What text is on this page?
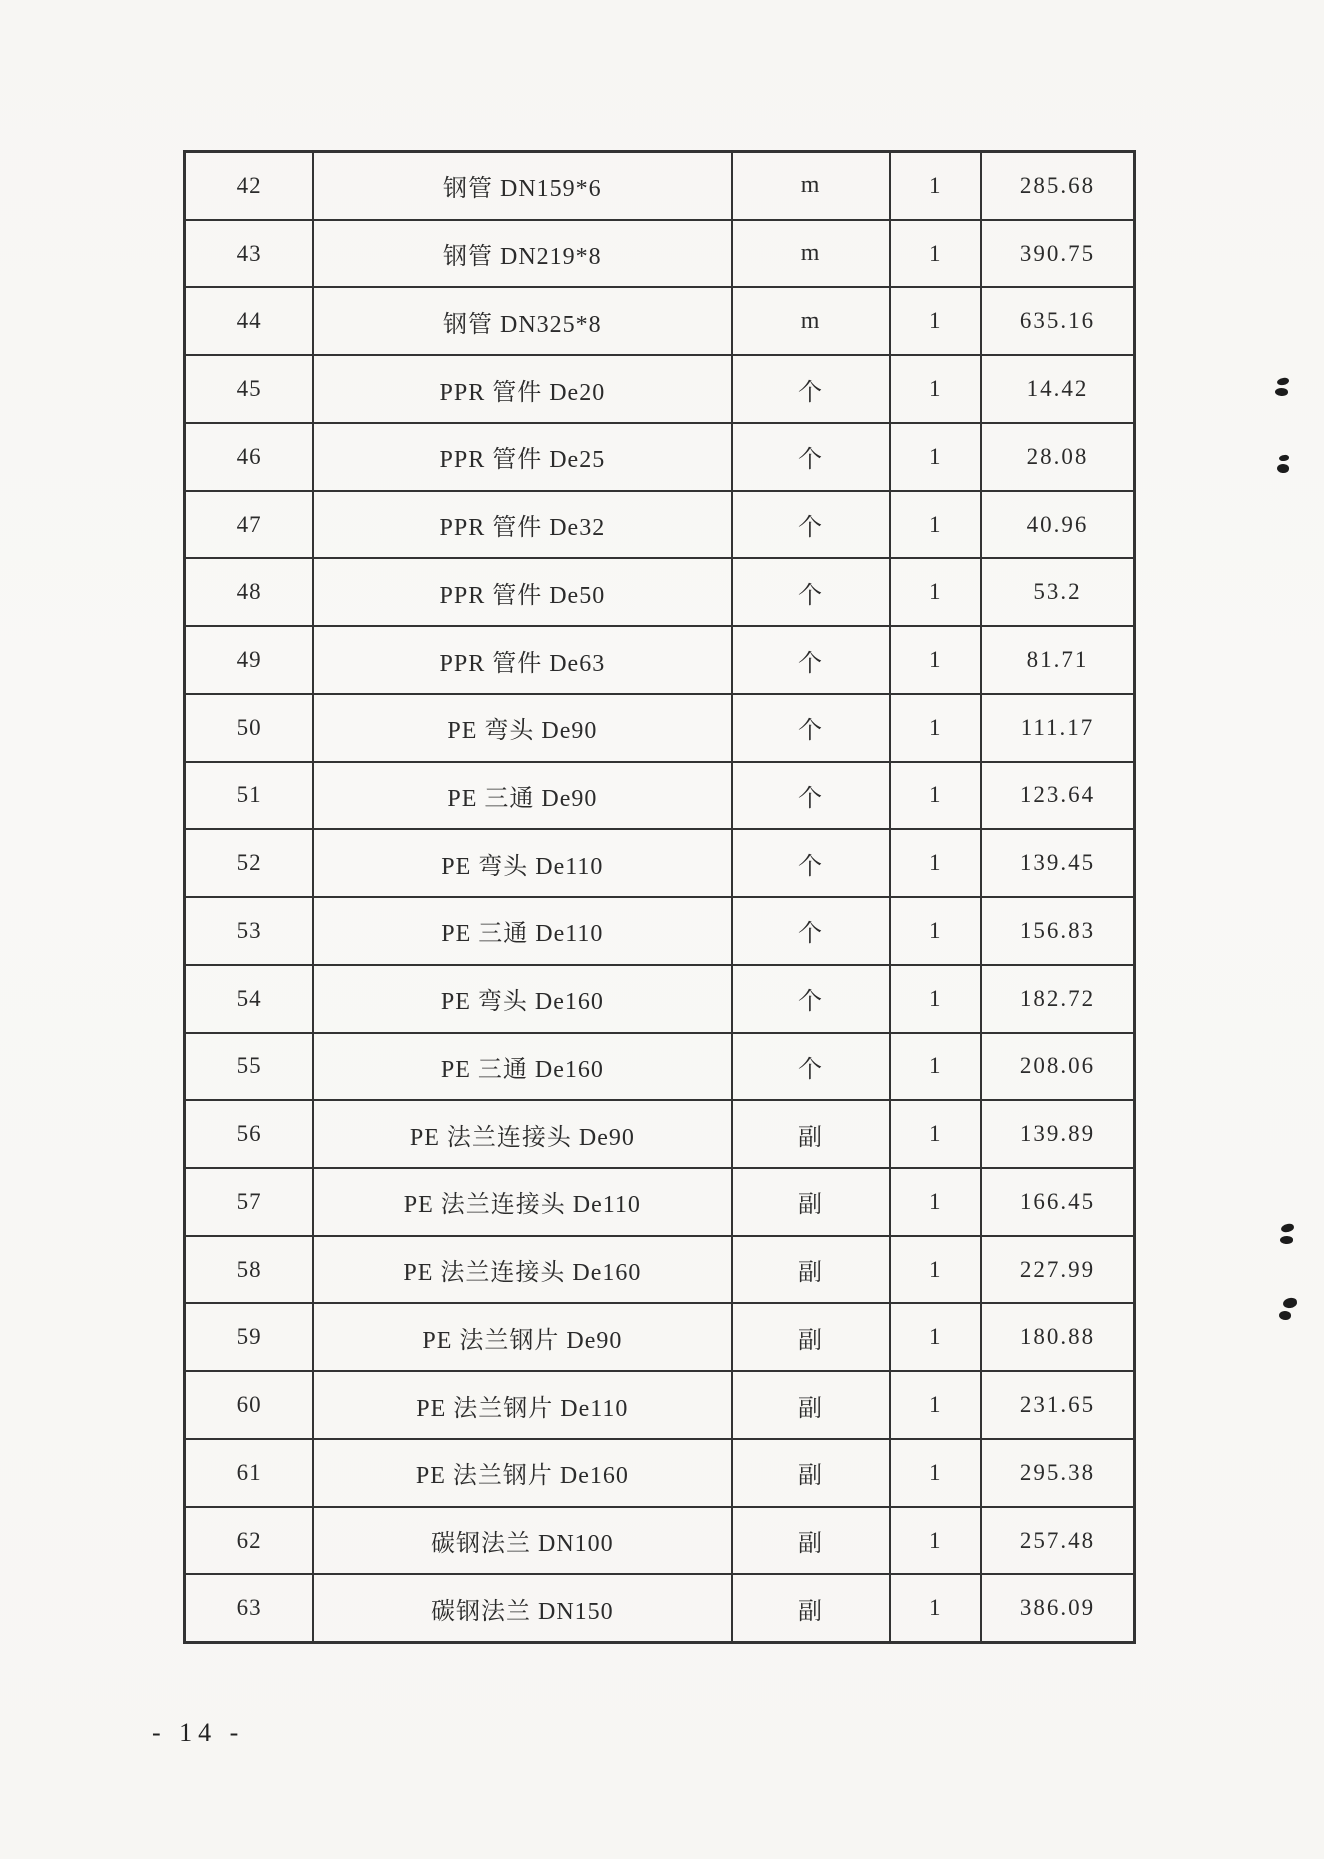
42	钢管 DN159*6	m	1	285.68
43	钢管 DN219*8	m	1	390.75
44	钢管 DN325*8	m	1	635.16
45	PPR 管件 De20	个	1	14.42
46	PPR 管件 De25	个	1	28.08
47	PPR 管件 De32	个	1	40.96
48	PPR 管件 De50	个	1	53.2
49	PPR 管件 De63	个	1	81.71
50	PE 弯头 De90	个	1	111.17
51	PE 三通 De90	个	1	123.64
52	PE 弯头 De110	个	1	139.45
53	PE 三通 De110	个	1	156.83
54	PE 弯头 De160	个	1	182.72
55	PE 三通 De160	个	1	208.06
56	PE 法兰连接头 De90	副	1	139.89
57	PE 法兰连接头 De110	副	1	166.45
58	PE 法兰连接头 De160	副	1	227.99
59	PE 法兰钢片 De90	副	1	180.88
60	PE 法兰钢片 De110	副	1	231.65
61	PE 法兰钢片 De160	副	1	295.38
62	碳钢法兰 DN100	副	1	257.48
63	碳钢法兰 DN150	副	1	386.09
- 14 -
